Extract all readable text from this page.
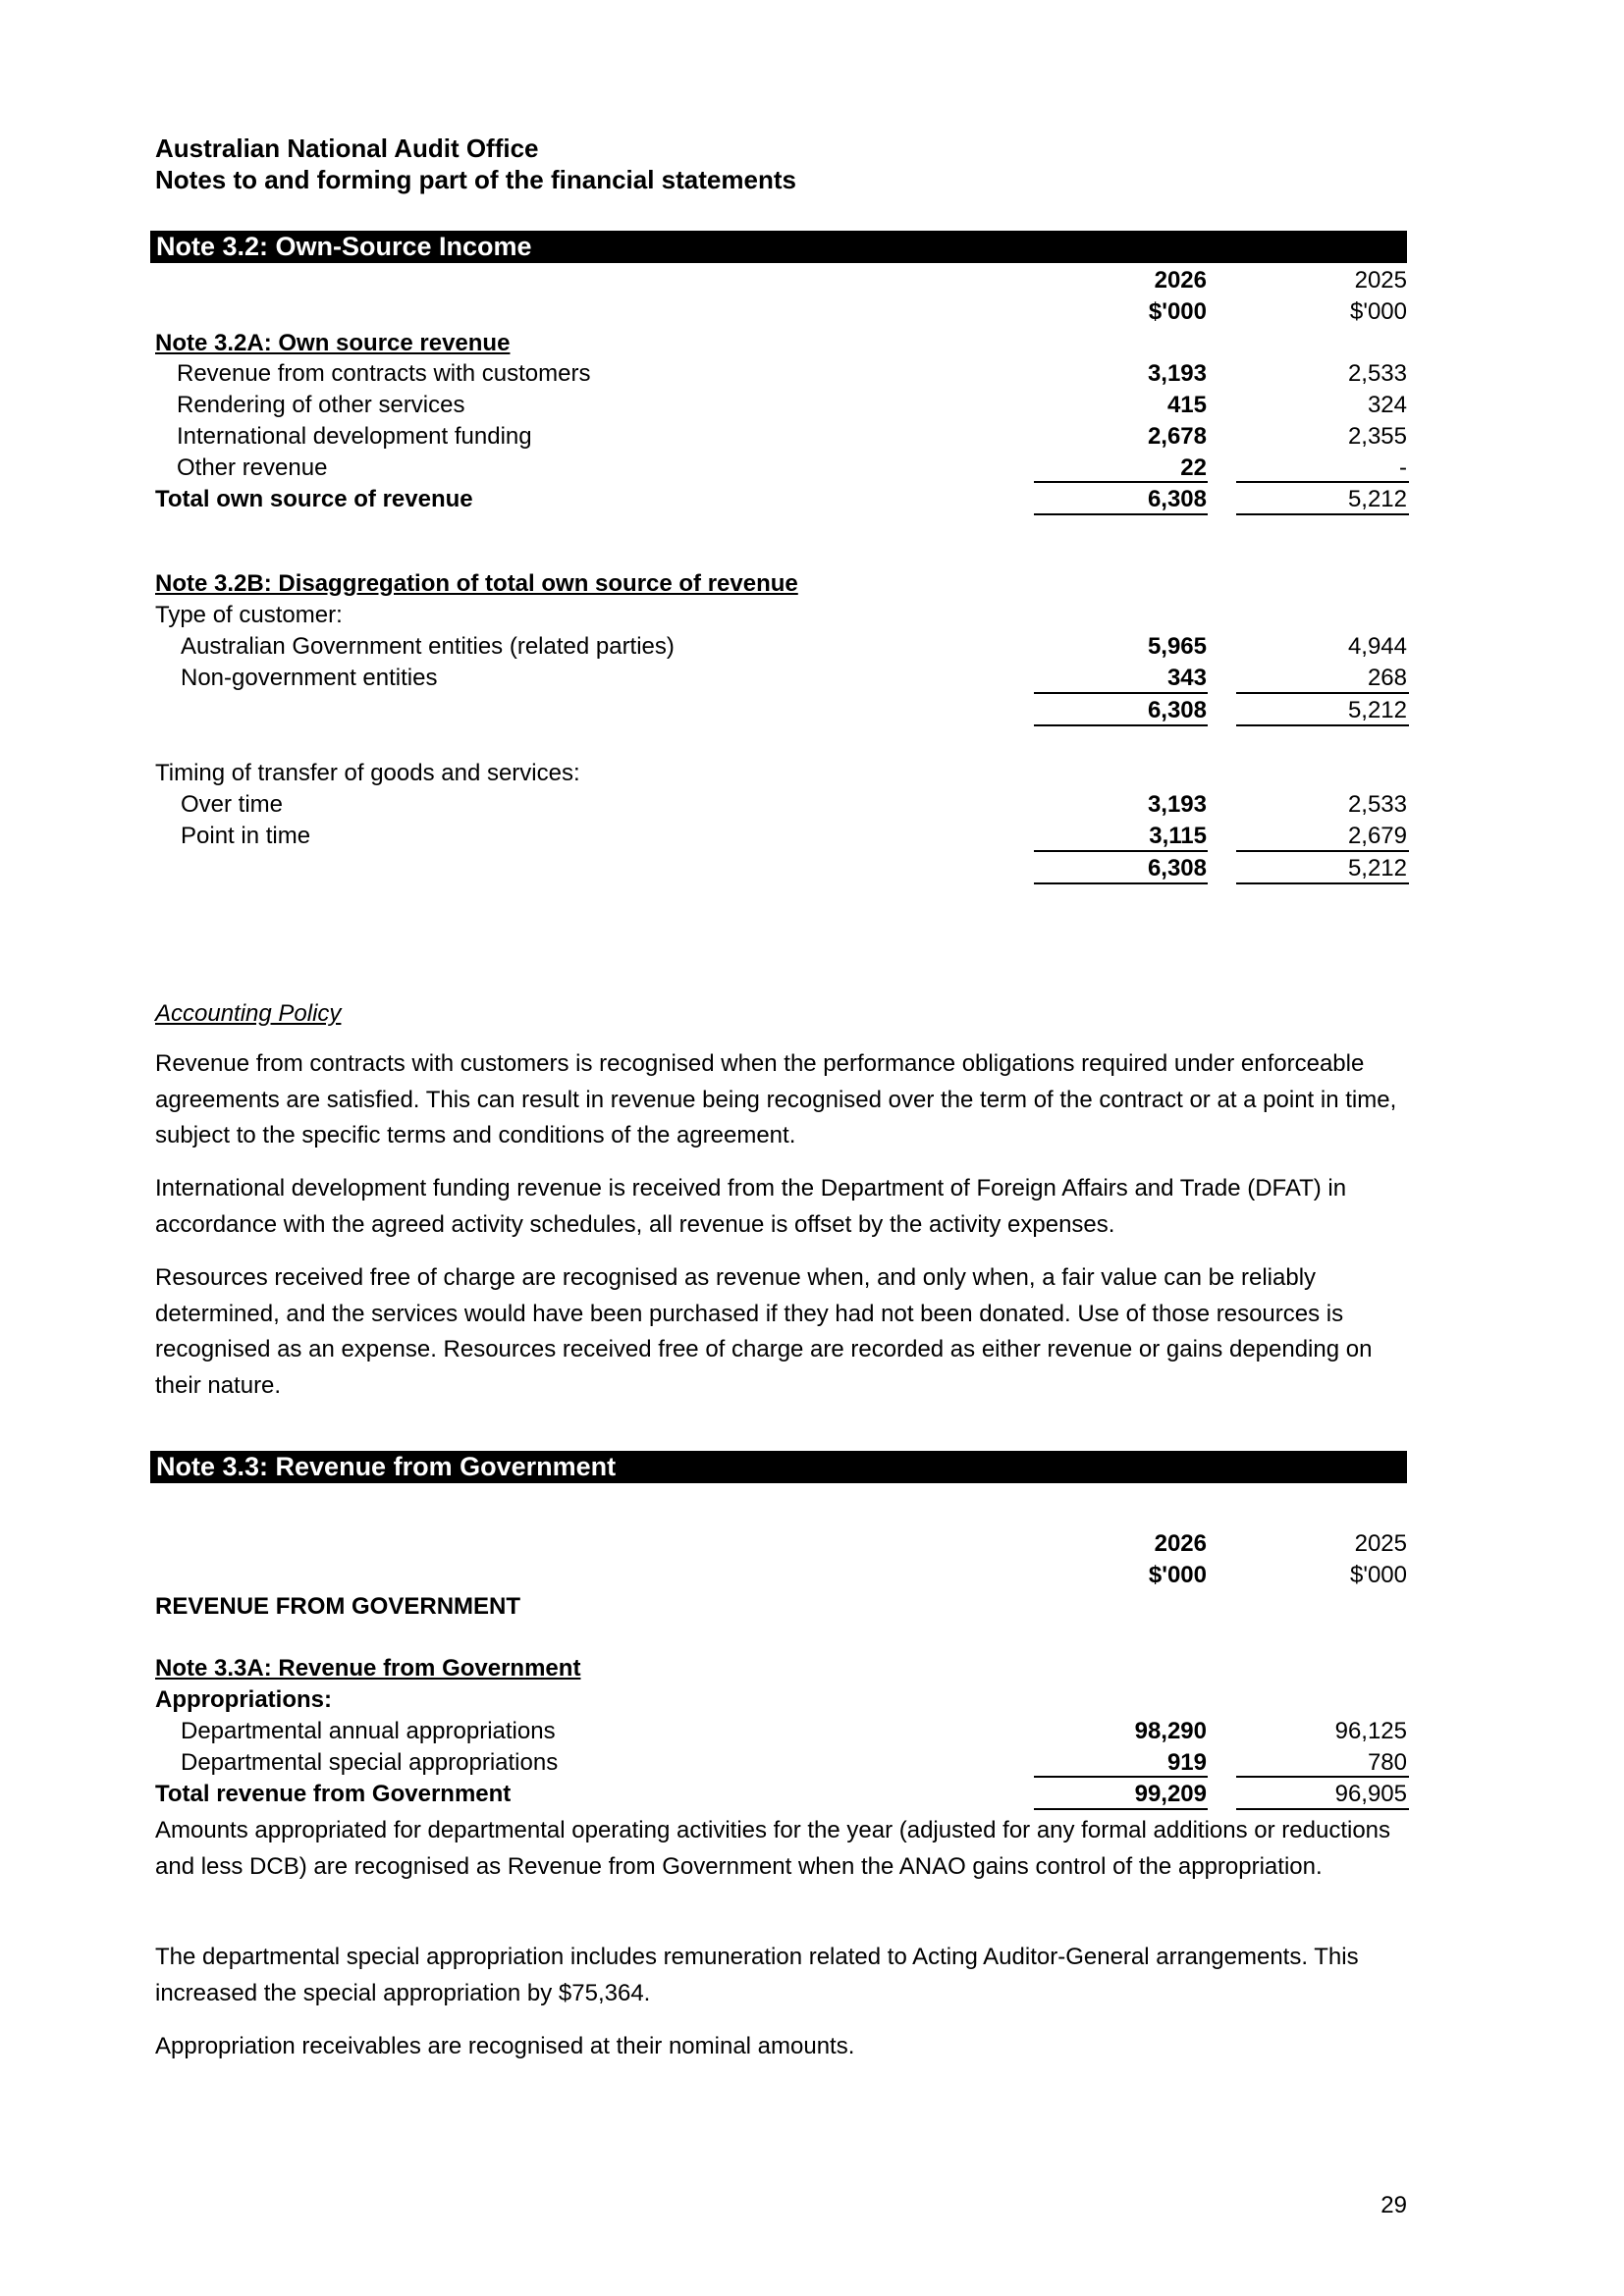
Australian National Audit Office
Notes to and forming part of the financial statements
Note 3.2: Own-Source Income
2026	2025
$'000	$'000
Note 3.2A: Own source revenue
Revenue from contracts with customers	3,193	2,533
Rendering of other services	415	324
International development funding	2,678	2,355
Other revenue	22	-
Total own source of revenue	6,308	5,212
Note 3.2B: Disaggregation of total own source of revenue
Type of customer:
Australian Government entities (related parties)	5,965	4,944
Non-government entities	343	268
6,308	5,212
Timing of transfer of goods and services:
Over time	3,193	2,533
Point in time	3,115	2,679
6,308	5,212
Accounting Policy
Revenue from contracts with customers is recognised when the performance obligations required under enforceable agreements are satisfied. This can result in revenue being recognised over the term of the contract or at a point in time, subject to the specific terms and conditions of the agreement.
International development funding revenue is received from the Department of Foreign Affairs and Trade (DFAT) in accordance with the agreed activity schedules, all revenue is offset by the activity expenses.
Resources received free of charge are recognised as revenue when, and only when, a fair value can be reliably determined, and the services would have been purchased if they had not been donated. Use of those resources is recognised as an expense. Resources received free of charge are recorded as either revenue or gains depending on their nature.
Note 3.3: Revenue from Government
2026	2025
$'000	$'000
REVENUE FROM GOVERNMENT
Note 3.3A: Revenue from Government
Appropriations:
Departmental annual appropriations	98,290	96,125
Departmental special appropriations	919	780
Total revenue from Government	99,209	96,905
Amounts appropriated for departmental operating activities for the year (adjusted for any formal additions or reductions and less DCB) are recognised as Revenue from Government when the ANAO gains control of the appropriation.
The departmental special appropriation includes remuneration related to Acting Auditor-General arrangements. This increased the special appropriation by $75,364.
Appropriation receivables are recognised at their nominal amounts.
29
